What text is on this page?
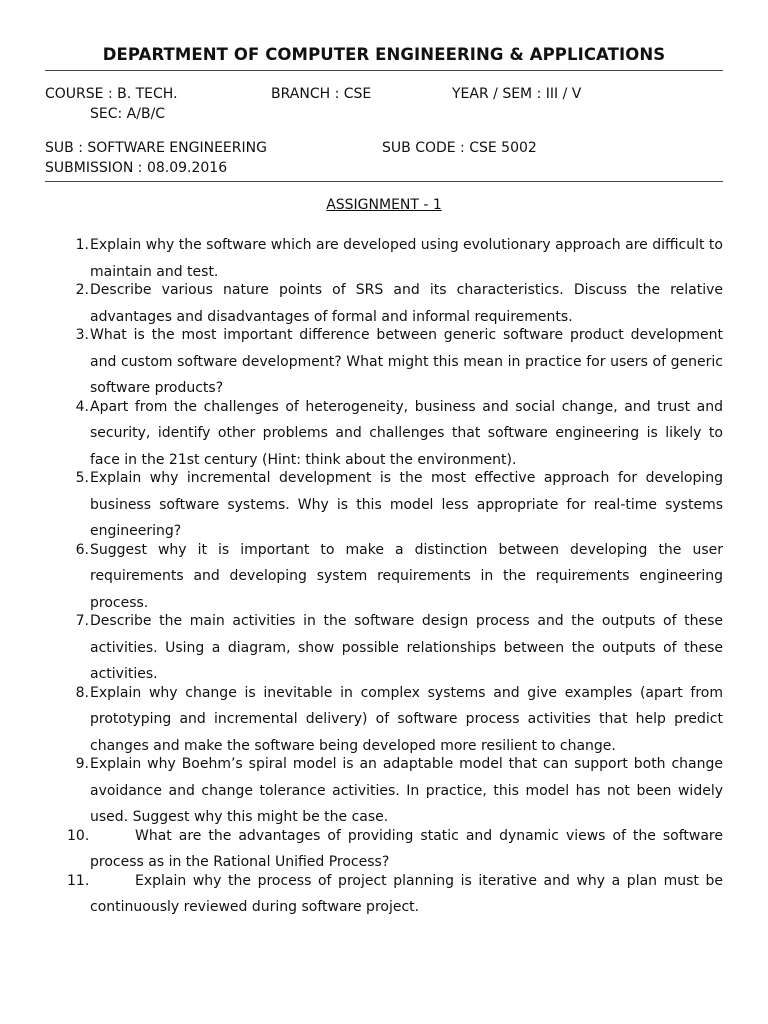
DEPARTMENT OF COMPUTER ENGINEERING & APPLICATIONS
COURSE : B. TECH.	BRANCH : CSE	YEAR / SEM : III / V
SEC: A/B/C
SUB : SOFTWARE ENGINEERING	SUB CODE : CSE 5002
SUBMISSION : 08.09.2016
ASSIGNMENT - 1
1. Explain why the software which are developed using evolutionary approach are difficult to maintain and test.
2. Describe various nature points of SRS and its characteristics. Discuss the relative advantages and disadvantages of formal and informal requirements.
3. What is the most important difference between generic software product development and custom software development? What might this mean in practice for users of generic software products?
4. Apart from the challenges of heterogeneity, business and social change, and trust and security, identify other problems and challenges that software engineering is likely to face in the 21st century (Hint: think about the environment).
5. Explain why incremental development is the most effective approach for developing business software systems. Why is this model less appropriate for real-time systems engineering?
6. Suggest why it is important to make a distinction between developing the user requirements and developing system requirements in the requirements engineering process.
7. Describe the main activities in the software design process and the outputs of these activities. Using a diagram, show possible relationships between the outputs of these activities.
8. Explain why change is inevitable in complex systems and give examples (apart from prototyping and incremental delivery) of software process activities that help predict changes and make the software being developed more resilient to change.
9. Explain why Boehm’s spiral model is an adaptable model that can support both change avoidance and change tolerance activities. In practice, this model has not been widely used. Suggest why this might be the case.
10.	What are the advantages of providing static and dynamic views of the software process as in the Rational Unified Process?
11.	Explain why the process of project planning is iterative and why a plan must be continuously reviewed during software project.
